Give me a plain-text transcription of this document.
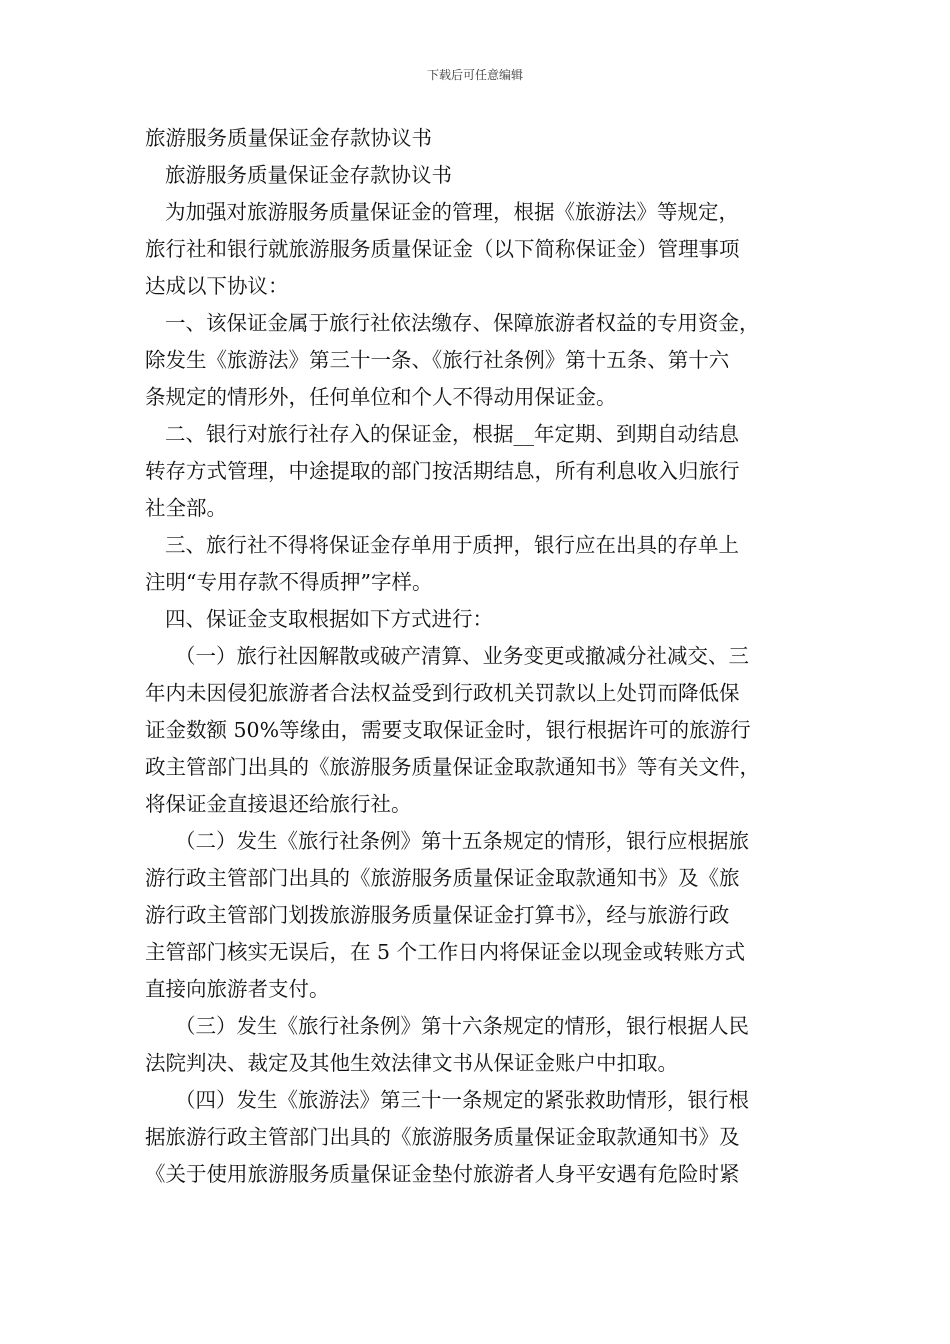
下载后可任意编辑
旅游服务质量保证金存款协议书
旅游服务质量保证金存款协议书
为加强对旅游服务质量保证金的管理，根据《旅游法》等规定，
旅行社和银行就旅游服务质量保证金（以下简称保证金）管理事项
达成以下协议：
一、该保证金属于旅行社依法缴存、保障旅游者权益的专用资金，
除发生《旅游法》第三十一条、《旅行社条例》第十五条、第十六
条规定的情形外，任何单位和个人不得动用保证金。
二、银行对旅行社存入的保证金，根据__年定期、到期自动结息
转存方式管理，中途提取的部门按活期结息，所有利息收入归旅行
社全部。
三、旅行社不得将保证金存单用于质押，银行应在出具的存单上
注明“专用存款不得质押”字样。
四、保证金支取根据如下方式进行：
（一）旅行社因解散或破产清算、业务变更或撤减分社减交、三
年内未因侵犯旅游者合法权益受到行政机关罚款以上处罚而降低保
证金数额 50%等缘由，需要支取保证金时，银行根据许可的旅游行
政主管部门出具的《旅游服务质量保证金取款通知书》等有关文件，
将保证金直接退还给旅行社。
（二）发生《旅行社条例》第十五条规定的情形，银行应根据旅
游行政主管部门出具的《旅游服务质量保证金取款通知书》及《旅
游行政主管部门划拨旅游服务质量保证金打算书》，经与旅游行政
主管部门核实无误后，在 5 个工作日内将保证金以现金或转账方式
直接向旅游者支付。
（三）发生《旅行社条例》第十六条规定的情形，银行根据人民
法院判决、裁定及其他生效法律文书从保证金账户中扣取。
（四）发生《旅游法》第三十一条规定的紧张救助情形，银行根
据旅游行政主管部门出具的《旅游服务质量保证金取款通知书》及
《关于使用旅游服务质量保证金垫付旅游者人身平安遇有危险时紧
